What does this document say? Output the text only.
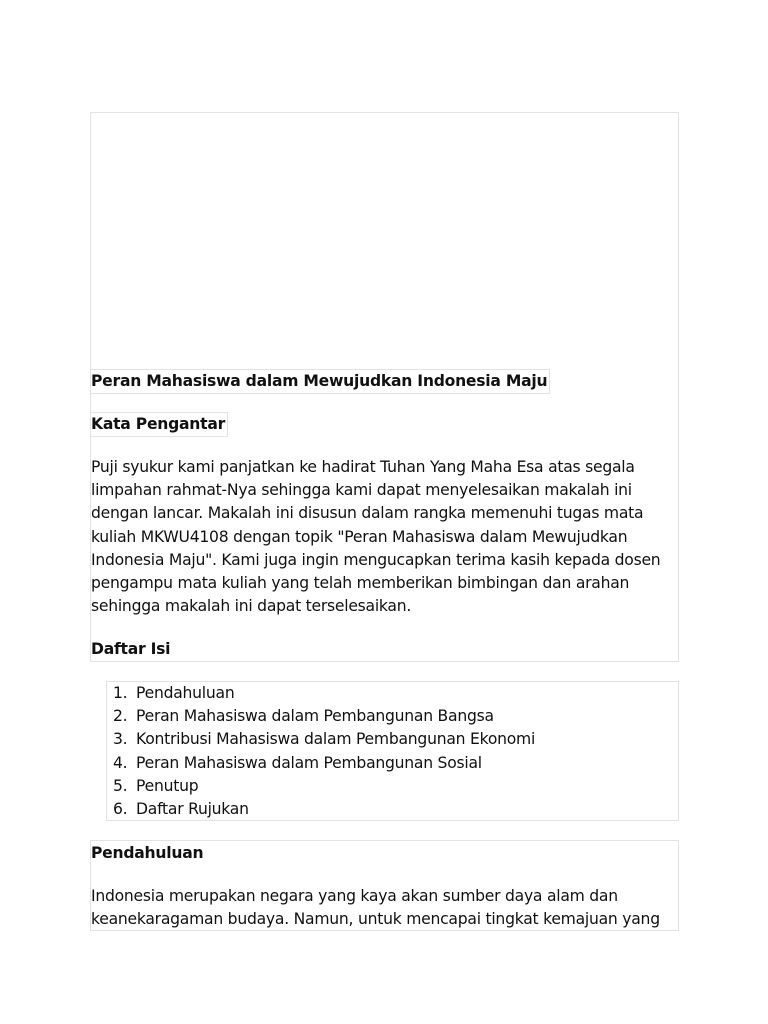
Peran Mahasiswa dalam Mewujudkan Indonesia Maju
Kata Pengantar
Puji syukur kami panjatkan ke hadirat Tuhan Yang Maha Esa atas segala
limpahan rahmat-Nya sehingga kami dapat menyelesaikan makalah ini
dengan lancar. Makalah ini disusun dalam rangka memenuhi tugas mata
kuliah MKWU4108 dengan topik "Peran Mahasiswa dalam Mewujudkan
Indonesia Maju". Kami juga ingin mengucapkan terima kasih kepada dosen
pengampu mata kuliah yang telah memberikan bimbingan dan arahan
sehingga makalah ini dapat terselesaikan.
Daftar Isi
1. Pendahuluan
2. Peran Mahasiswa dalam Pembangunan Bangsa
3. Kontribusi Mahasiswa dalam Pembangunan Ekonomi
4. Peran Mahasiswa dalam Pembangunan Sosial
5. Penutup
6. Daftar Rujukan
Pendahuluan
Indonesia merupakan negara yang kaya akan sumber daya alam dan
keanekaragaman budaya. Namun, untuk mencapai tingkat kemajuan yang
